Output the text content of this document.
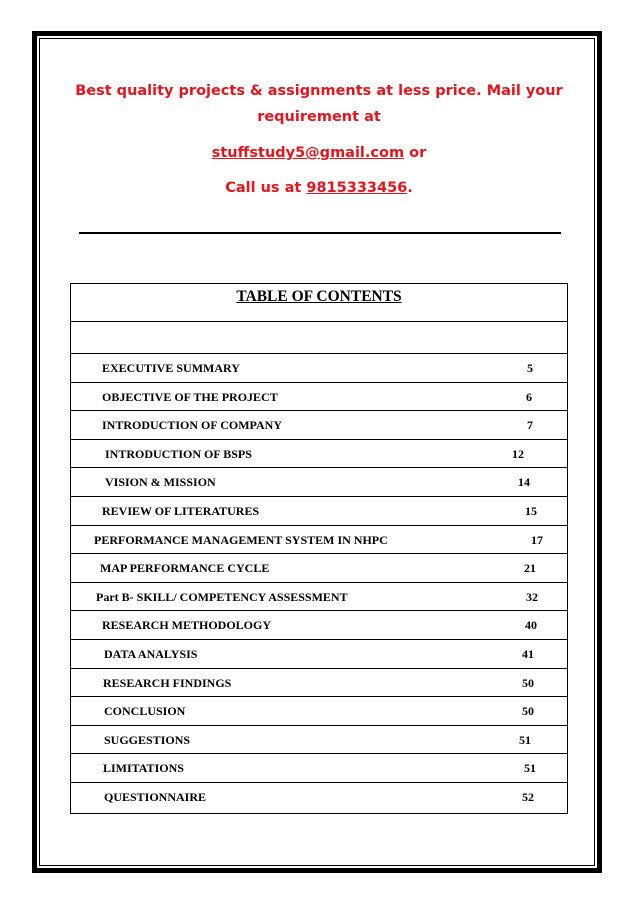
Best quality projects & assignments at less price. Mail your
requirement at
stuffstudy5@gmail.com or
Call us at 9815333456.
TABLE OF CONTENTS
EXECUTIVE SUMMARY	5
OBJECTIVE OF THE PROJECT	6
INTRODUCTION OF COMPANY	7
INTRODUCTION OF BSPS	12
VISION & MISSION	14
REVIEW OF LITERATURES	15
PERFORMANCE MANAGEMENT SYSTEM IN NHPC	17
MAP PERFORMANCE CYCLE	21
Part B- SKILL/ COMPETENCY ASSESSMENT	32
RESEARCH METHODOLOGY	40
DATA ANALYSIS	41
RESEARCH FINDINGS	50
CONCLUSION	50
SUGGESTIONS	51
LIMITATIONS	51
QUESTIONNAIRE	52
